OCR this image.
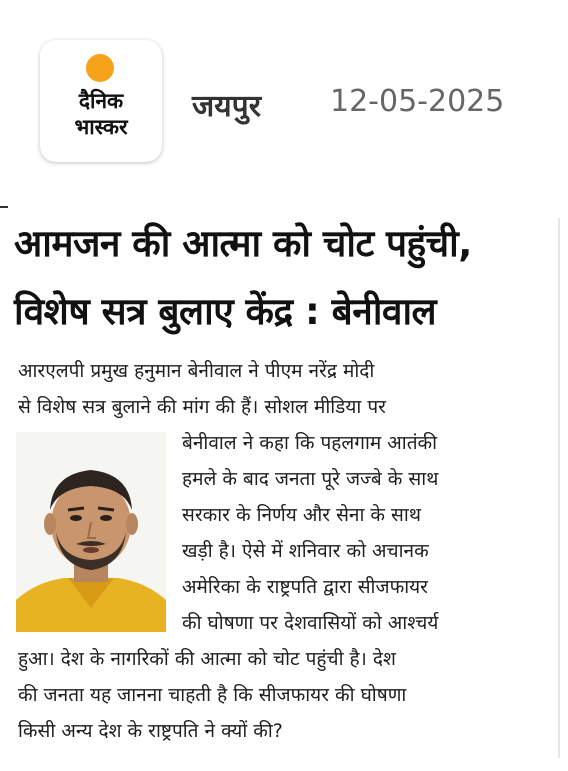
दैनिक
भास्कर
जयपुर 12-05-2025
आमजन की आत्मा को चोट पहुंची,
विशेष सत्र बुलाए केंद्र : बेनीवाल
आरएलपी प्रमुख हनुमान बेनीवाल ने पीएम नरेंद्र मोदी
से विशेष सत्र बुलाने की मांग की हैं। सोशल मीडिया पर
बेनीवाल ने कहा कि पहलगाम आतंकी
हमले के बाद जनता पूरे जज्बे के साथ
सरकार के निर्णय और सेना के साथ
खड़ी है। ऐसे में शनिवार को अचानक
अमेरिका के राष्ट्रपति द्वारा सीजफायर
की घोषणा पर देशवासियों को आश्चर्य
हुआ। देश के नागरिकों की आत्मा को चोट पहुंची है। देश
की जनता यह जानना चाहती है कि सीजफायर की घोषणा
किसी अन्य देश के राष्ट्रपति ने क्यों की?
